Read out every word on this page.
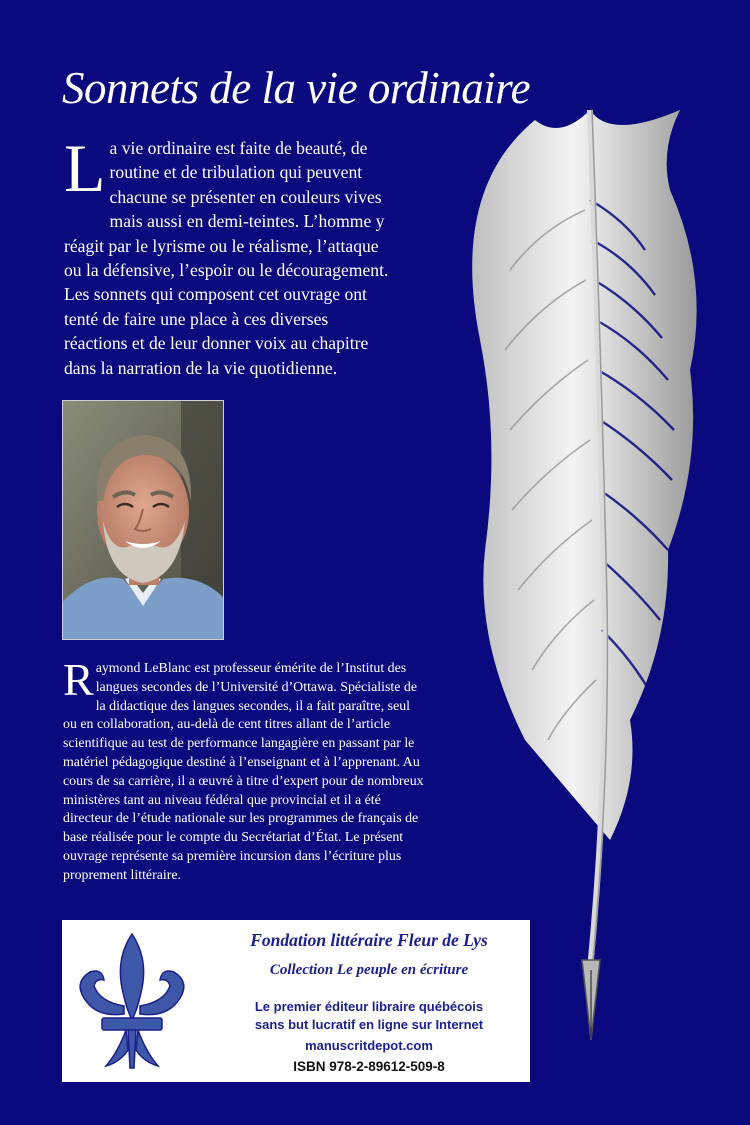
Sonnets de la vie ordinaire
L a vie ordinaire est faite de beauté, de routine et de tribulation qui peuvent chacune se présenter en couleurs vives mais aussi en demi-teintes. L’homme y réagit par le lyrisme ou le réalisme, l’attaque ou la défensive, l’espoir ou le découragement. Les sonnets qui composent cet ouvrage ont tenté de faire une place à ces diverses réactions et de leur donner voix au chapitre dans la narration de la vie quotidienne.
R aymond LeBlanc est professeur émérite de l’Institut des langues secondes de l’Université d’Ottawa. Spécialiste de la didactique des langues secondes, il a fait paraître, seul ou en collaboration, au-delà de cent titres allant de l’article scientifique au test de performance langagière en passant par le matériel pédagogique destiné à l’enseignant et à l’apprenant. Au cours de sa carrière, il a œuvré à titre d’expert pour de nombreux ministères tant au niveau fédéral que provincial et il a été directeur de l’étude nationale sur les programmes de français de base réalisée pour le compte du Secrétariat d’État. Le présent ouvrage représente sa première incursion dans l’écriture plus proprement littéraire.
Fondation littéraire Fleur de Lys
Collection Le peuple en écriture
Le premier éditeur libraire québécois
sans but lucratif en ligne sur Internet
manuscritdepot.com
ISBN 978-2-89612-509-8
